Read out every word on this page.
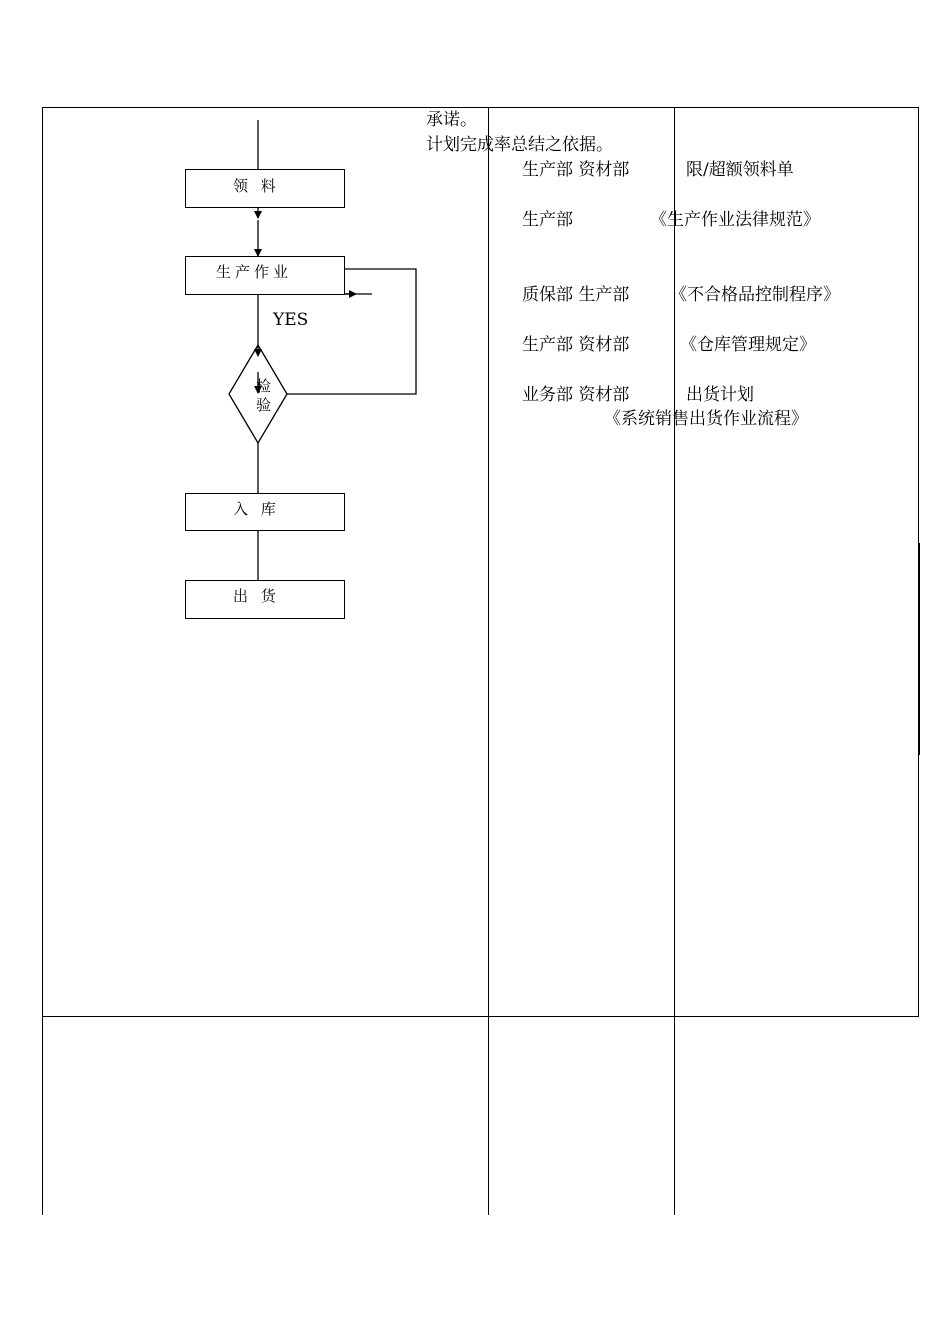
承诺。
计划完成率总结之依据。
领 料
生产作业
YES
检
验
入 库
出 货
生产部 资材部	限/超额领料单
生产部	《生产作业法律规范》
质保部 生产部 《不合格品控制程序》
生产部 资材部	《仓库管理规定》
业务部 资材部	出货计划
《系统销售出货作业流程》
